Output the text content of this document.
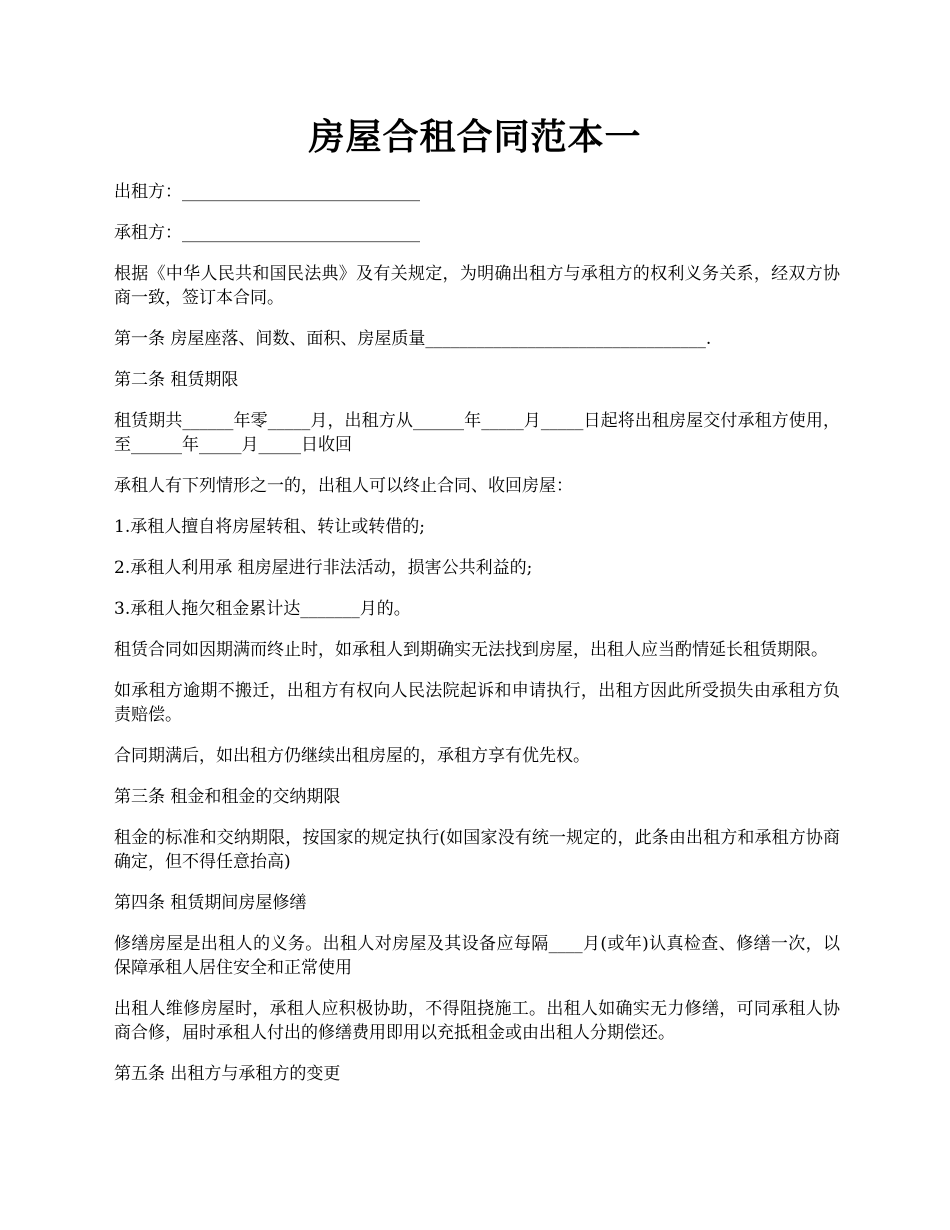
房屋合租合同范本一

出租方：____________________________

承租方：____________________________

根据《中华人民共和国民法典》及有关规定，为明确出租方与承租方的权利义务关系，经双方协商一致，签订本合同。

第一条 房屋座落、间数、面积、房屋质量_________________________________.

第二条 租赁期限

租赁期共______年零_____月，出租方从______年_____月_____日起将出租房屋交付承租方使用，至______年_____月_____日收回

承租人有下列情形之一的，出租人可以终止合同、收回房屋：

1.承租人擅自将房屋转租、转让或转借的;

2.承租人利用承 租房屋进行非法活动，损害公共利益的;

3.承租人拖欠租金累计达_______月的。

租赁合同如因期满而终止时，如承租人到期确实无法找到房屋，出租人应当酌情延长租赁期限。

如承租方逾期不搬迁，出租方有权向人民法院起诉和申请执行，出租方因此所受损失由承租方负责赔偿。

合同期满后，如出租方仍继续出租房屋的，承租方享有优先权。

第三条 租金和租金的交纳期限

租金的标准和交纳期限，按国家的规定执行(如国家没有统一规定的，此条由出租方和承租方协商确定，但不得任意抬高)

第四条 租赁期间房屋修缮

修缮房屋是出租人的义务。出租人对房屋及其设备应每隔____月(或年)认真检查、修缮一次，以保障承租人居住安全和正常使用

出租人维修房屋时，承租人应积极协助，不得阻挠施工。出租人如确实无力修缮，可同承租人协商合修，届时承租人付出的修缮费用即用以充抵租金或由出租人分期偿还。

第五条 出租方与承租方的变更
